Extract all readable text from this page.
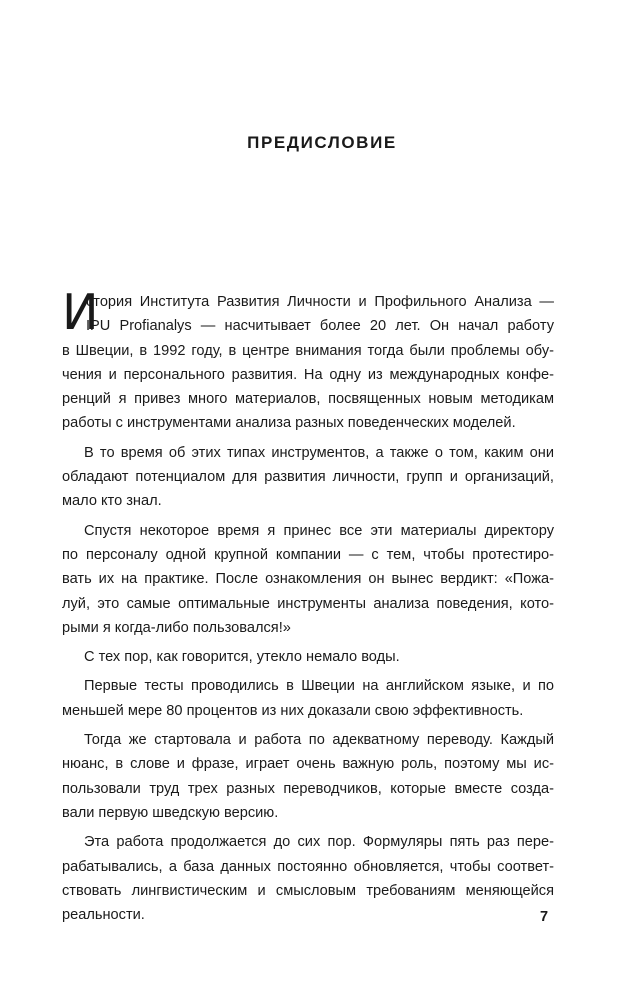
ПРЕДИСЛОВИЕ
И
стория Института Развития Личности и Профильного Анализа —
IPU Profianalys — насчитывает более 20 лет. Он начал работу
в Швеции, в 1992 году, в центре внимания тогда были проблемы обу-
чения и персонального развития. На одну из международных конфе-
ренций я привез много материалов, посвященных новым методикам
работы с инструментами анализа разных поведенческих моделей.
В то время об этих типах инструментов, а также о том, каким они
обладают потенциалом для развития личности, групп и организаций,
мало кто знал.
Спустя некоторое время я принес все эти материалы директору
по персоналу одной крупной компании — с тем, чтобы протестиро-
вать их на практике. После ознакомления он вынес вердикт: «Пожа-
луй, это самые оптимальные инструменты анализа поведения, кото-
рыми я когда-либо пользовался!»
С тех пор, как говорится, утекло немало воды.
Первые тесты проводились в Швеции на английском языке, и по
меньшей мере 80 процентов из них доказали свою эффективность.
Тогда же стартовала и работа по адекватному переводу. Каждый
нюанс, в слове и фразе, играет очень важную роль, поэтому мы ис-
пользовали труд трех разных переводчиков, которые вместе созда-
вали первую шведскую версию.
Эта работа продолжается до сих пор. Формуляры пять раз пере-
рабатывались, а база данных постоянно обновляется, чтобы соответ-
ствовать лингвистическим и смысловым требованиям меняющейся
реальности.	7
